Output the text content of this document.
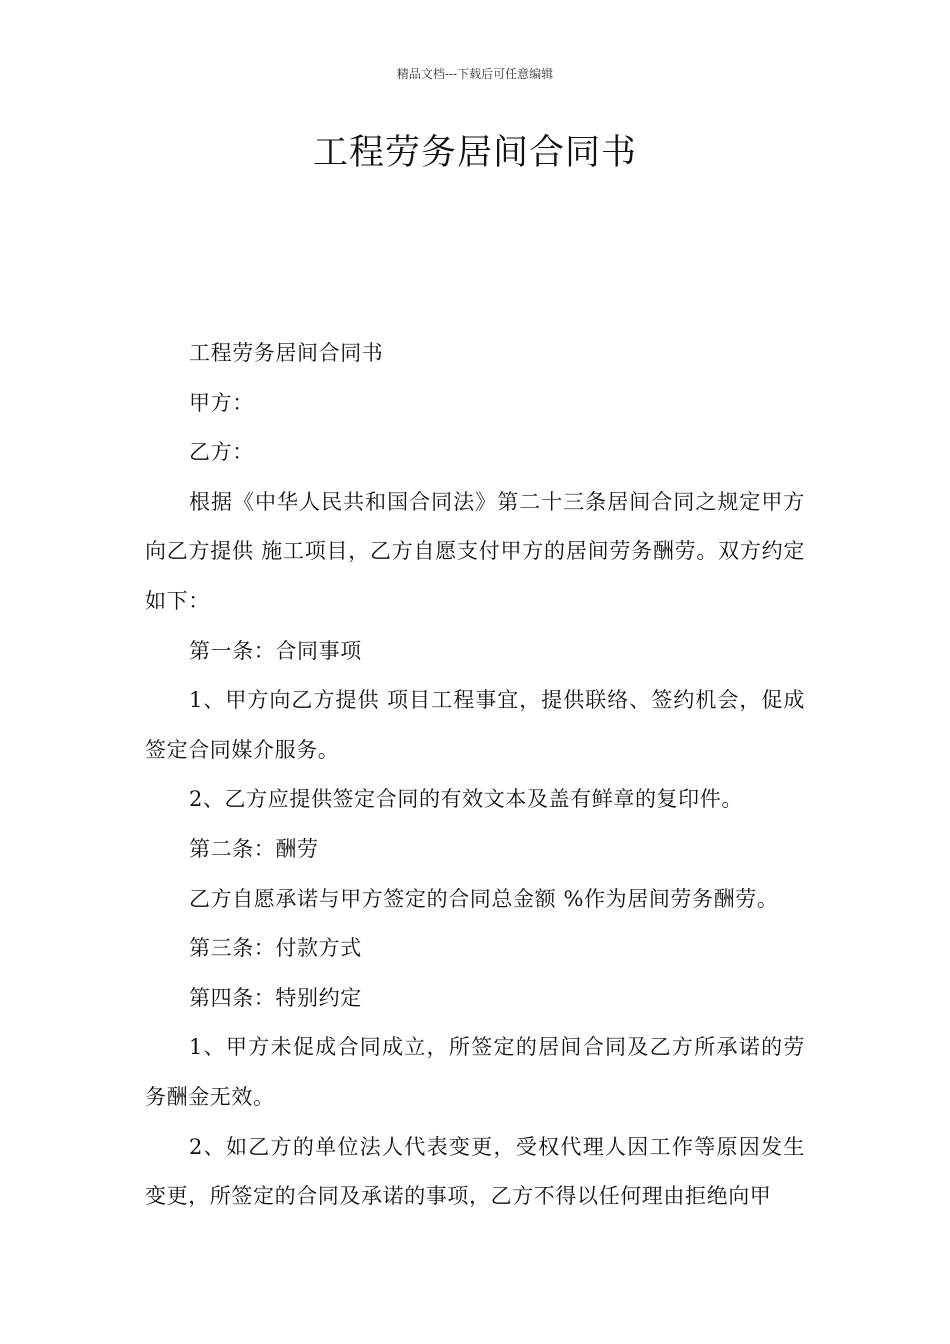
精品文档---下载后可任意编辑
工程劳务居间合同书

工程劳务居间合同书

甲方：

乙方：

根据《中华人民共和国合同法》第二十三条居间合同之规定甲方向乙方提供 施工项目，乙方自愿支付甲方的居间劳务酬劳。双方约定如下：

第一条：合同事项

1、甲方向乙方提供 项目工程事宜，提供联络、签约机会，促成签定合同媒介服务。

2、乙方应提供签定合同的有效文本及盖有鲜章的复印件。

第二条：酬劳

乙方自愿承诺与甲方签定的合同总金额 %作为居间劳务酬劳。

第三条：付款方式

第四条：特别约定

1、甲方未促成合同成立，所签定的居间合同及乙方所承诺的劳务酬金无效。

2、如乙方的单位法人代表变更，受权代理人因工作等原因发生变更，所签定的合同及承诺的事项，乙方不得以任何理由拒绝向甲
